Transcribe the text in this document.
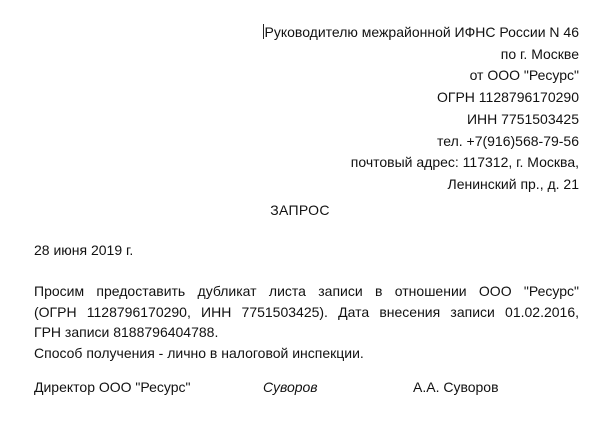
Руководителю межрайонной ИФНС России N 46
по г. Москве
от ООО "Ресурс"
ОГРН 1128796170290
ИНН 7751503425
тел. +7(916)568-79-56
почтовый адрес: 117312, г. Москва,
Ленинский пр., д. 21
ЗАПРОС
28 июня 2019 г.
Просим предоставить дубликат листа записи в отношении ООО "Ресурс"
(ОГРН 1128796170290, ИНН 7751503425). Дата внесения записи 01.02.2016,
ГРН записи 8188796404788.
Способ получения - лично в налоговой инспекции.
Директор ООО "Ресурс"	Суворов	А.А. Суворов
